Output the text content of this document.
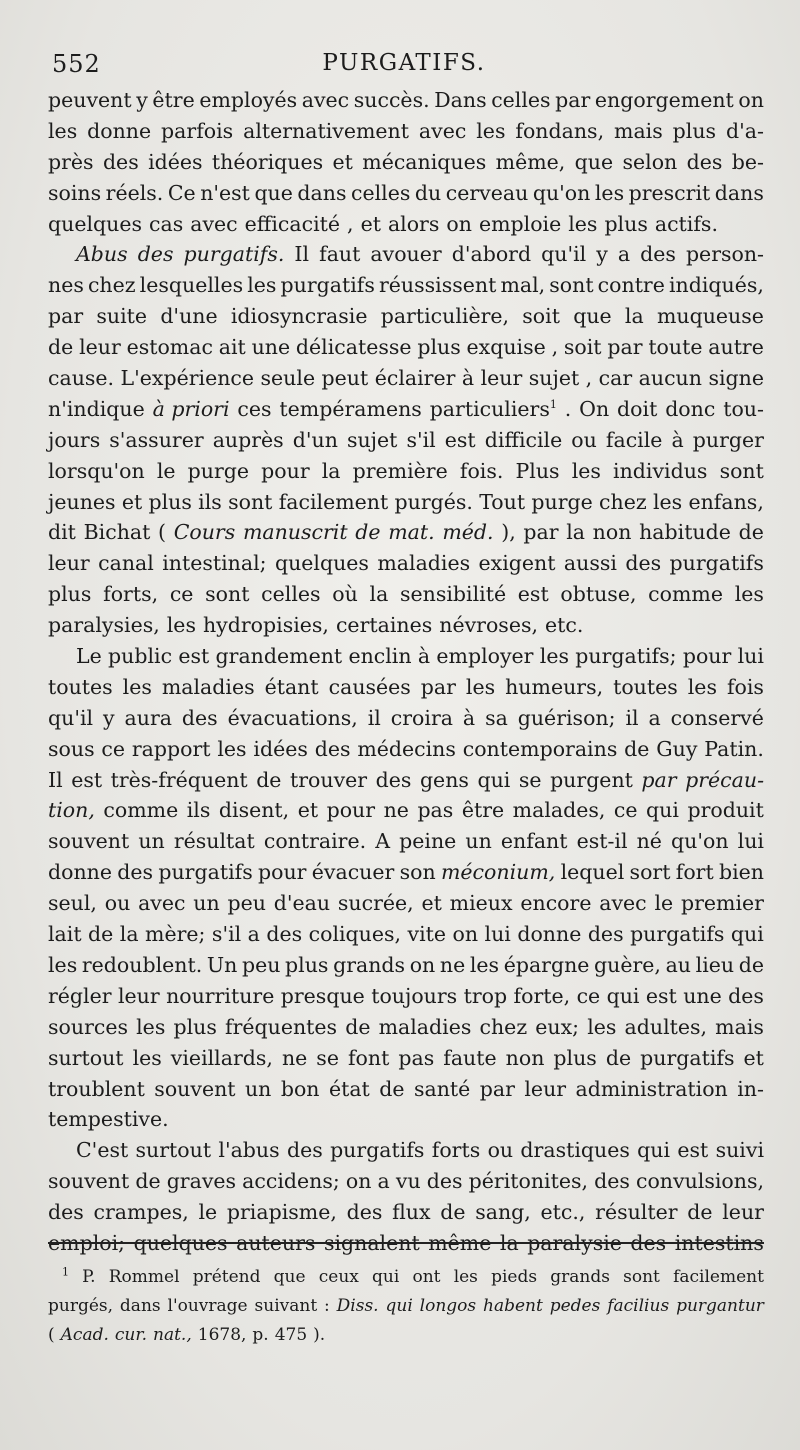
552	PURGATIFS.
peuvent y être employés avec succès. Dans celles par engorgement on
les donne parfois alternativement avec les fondans, mais plus d'a-
près des idées théoriques et mécaniques même, que selon des be-
soins réels. Ce n'est que dans celles du cerveau qu'on les prescrit dans
quelques cas avec efficacité , et alors on emploie les plus actifs.
Abus des purgatifs. Il faut avouer d'abord qu'il y a des person-
nes chez lesquelles les purgatifs réussissent mal, sont contre indiqués,
par suite d'une idiosyncrasie particulière, soit que la muqueuse
de leur estomac ait une délicatesse plus exquise , soit par toute autre
cause. L'expérience seule peut éclairer à leur sujet , car aucun signe
n'indique à priori ces tempéramens particuliers$^1$ . On doit donc tou-
jours s'assurer auprès d'un sujet s'il est difficile ou facile à purger
lorsqu'on le purge pour la première fois. Plus les individus sont
jeunes et plus ils sont facilement purgés. Tout purge chez les enfans,
dit Bichat ( Cours manuscrit de mat. méd. ), par la non habitude de
leur canal intestinal; quelques maladies exigent aussi des purgatifs
plus forts, ce sont celles où la sensibilité est obtuse, comme les
paralysies, les hydropisies, certaines névroses, etc.
Le public est grandement enclin à employer les purgatifs; pour lui
toutes les maladies étant causées par les humeurs, toutes les fois
qu'il y aura des évacuations, il croira à sa guérison; il a conservé
sous ce rapport les idées des médecins contemporains de Guy Patin.
Il est très-fréquent de trouver des gens qui se purgent par précau-
tion, comme ils disent, et pour ne pas être malades, ce qui produit
souvent un résultat contraire. A peine un enfant est-il né qu'on lui
donne des purgatifs pour évacuer son méconium, lequel sort fort bien
seul, ou avec un peu d'eau sucrée, et mieux encore avec le premier
lait de la mère; s'il a des coliques, vite on lui donne des purgatifs qui
les redoublent. Un peu plus grands on ne les épargne guère, au lieu de
régler leur nourriture presque toujours trop forte, ce qui est une des
sources les plus fréquentes de maladies chez eux; les adultes, mais
surtout les vieillards, ne se font pas faute non plus de purgatifs et
troublent souvent un bon état de santé par leur administration in-
tempestive.
C'est surtout l'abus des purgatifs forts ou drastiques qui est suivi
souvent de graves accidens; on a vu des péritonites, des convulsions,
des crampes, le priapisme, des flux de sang, etc., résulter de leur
emploi; quelques auteurs signalent même la paralysie des intestins
$^1$ P. Rommel prétend que ceux qui ont les pieds grands sont facilement
purgés, dans l'ouvrage suivant : Diss. qui longos habent pedes facilius purgantur
( Acad. cur. nat., 1678, p. 475 ).
